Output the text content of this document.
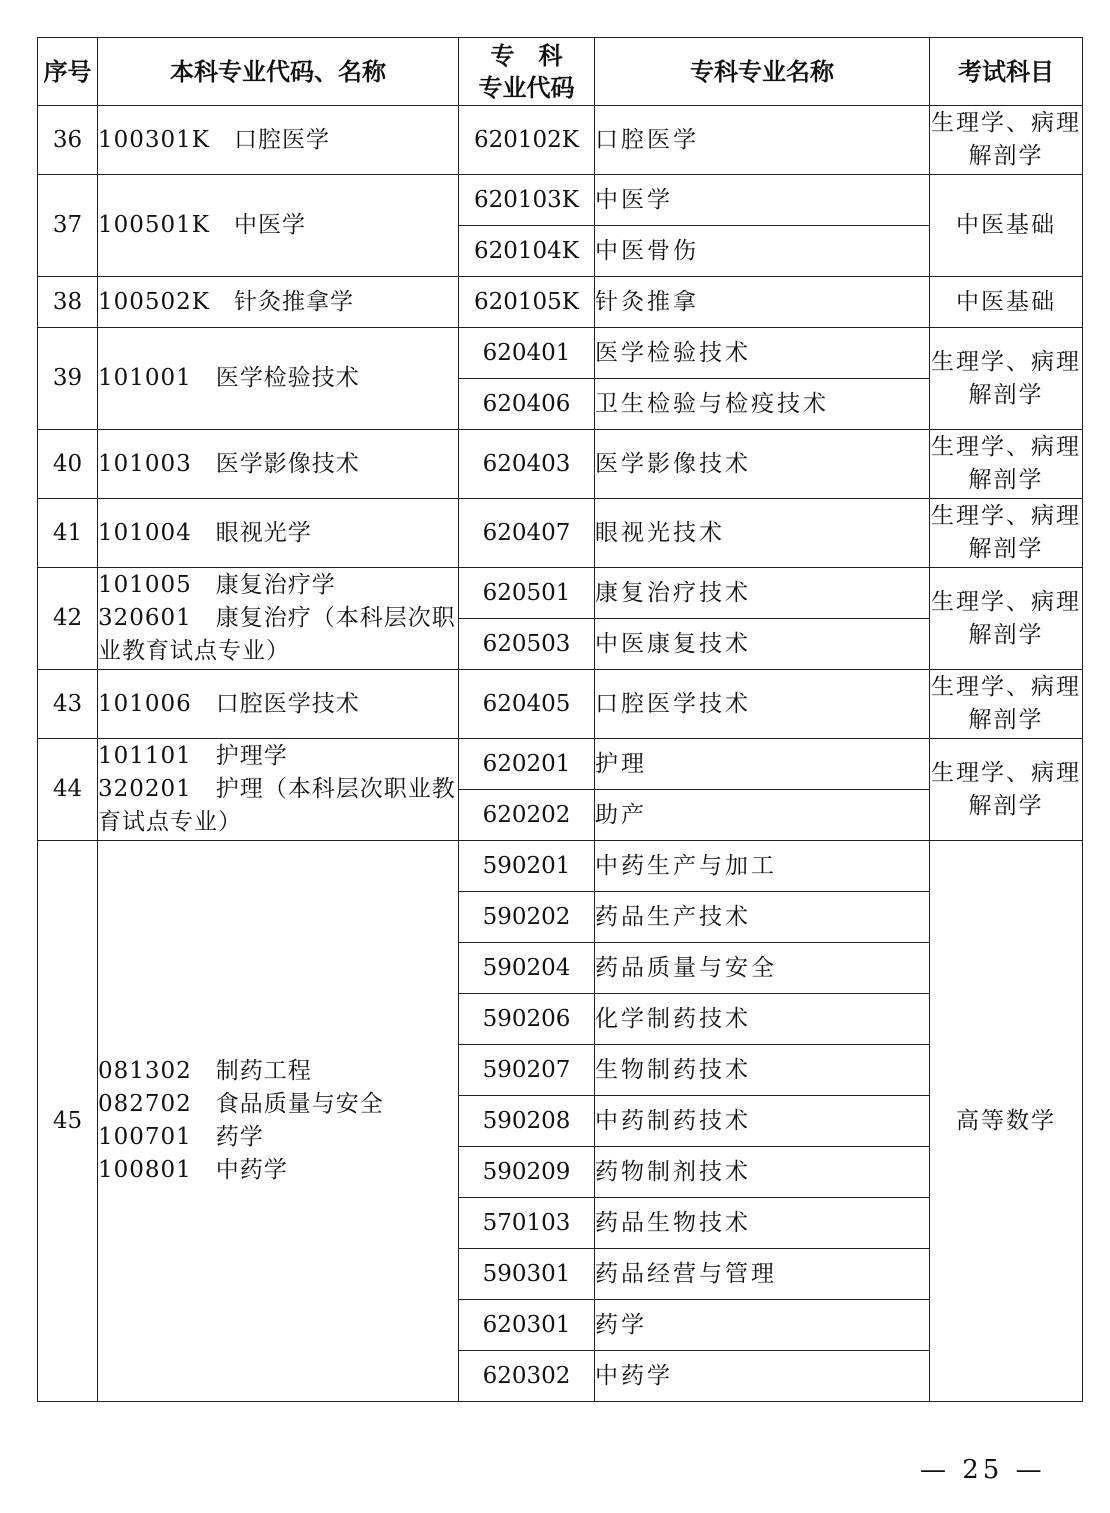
序号	本科专业代码、名称	专　科
专业代码	专科专业名称	考试科目
36	100301K　口腔医学	620102K	口腔医学	生理学、病理解剖学
37	100501K　中医学	620103K	中医学	中医基础
		620104K	中医骨伤	
38	100502K　针灸推拿学	620105K	针灸推拿	中医基础
39	101001　医学检验技术	620401	医学检验技术	生理学、病理解剖学
		620406	卫生检验与检疫技术	
40	101003　医学影像技术	620403	医学影像技术	生理学、病理解剖学
41	101004　眼视光学	620407	眼视光技术	生理学、病理解剖学
42	101005　康复治疗学
320601　康复治疗（本科层次职
业教育试点专业）	620501	康复治疗技术	生理学、病理解剖学
		620503	中医康复技术	
43	101006　口腔医学技术	620405	口腔医学技术	生理学、病理解剖学
44	101101　护理学
320201　护理（本科层次职业教
育试点专业）	620201	护理	生理学、病理解剖学
		620202	助产	
45	081302　制药工程
082702　食品质量与安全
100701　药学
100801　中药学	590201	中药生产与加工	高等数学
		590202	药品生产技术	
		590204	药品质量与安全	
		590206	化学制药技术	
		590207	生物制药技术	
		590208	中药制药技术	
		590209	药物制剂技术	
		570103	药品生物技术	
		590301	药品经营与管理	
		620301	药学	
		620302	中药学	
— 25 —
